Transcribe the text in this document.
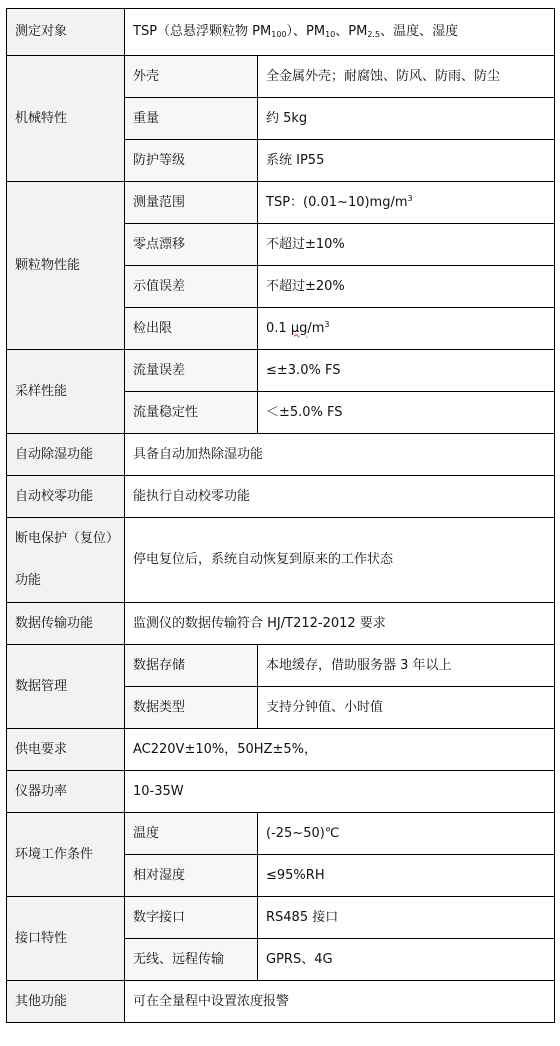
测定对象	TSP（总悬浮颗粒物 $PM_{100}$）、$PM_{10}$、$PM_{2.5}$、温度、湿度	
机械特性	外壳	全金属外壳；耐腐蚀、防风、防雨、防尘
	重量	约 5kg
	防护等级	系统 IP55
颗粒物性能	测量范围	TSP：$(0.01\sim 10)mg/m^3$
	零点漂移	不超过±10%
	示值误差	不超过±20%
	检出限	0.1 $\mu g/m^3$
采样性能	流量误差	≤±3.0% FS
	流量稳定性	＜±5.0% FS
自动除湿功能	具备自动加热除湿功能	
自动校零功能	能执行自动校零功能	
断电保护（复位）功能	停电复位后，系统自动恢复到原来的工作状态	
数据传输功能	监测仪的数据传输符合 HJ/T212-2012 要求	
数据管理	数据存储	本地缓存，借助服务器 3 年以上
	数据类型	支持分钟值、小时值
供电要求	AC220V±10%，50HZ±5%，	
仪器功率	10-35W	
环境工作条件	温度	(-25~50)℃
	相对湿度	≤95%RH
接口特性	数字接口	RS485 接口
	无线、远程传输	GPRS、4G
其他功能	可在全量程中设置浓度报警	
